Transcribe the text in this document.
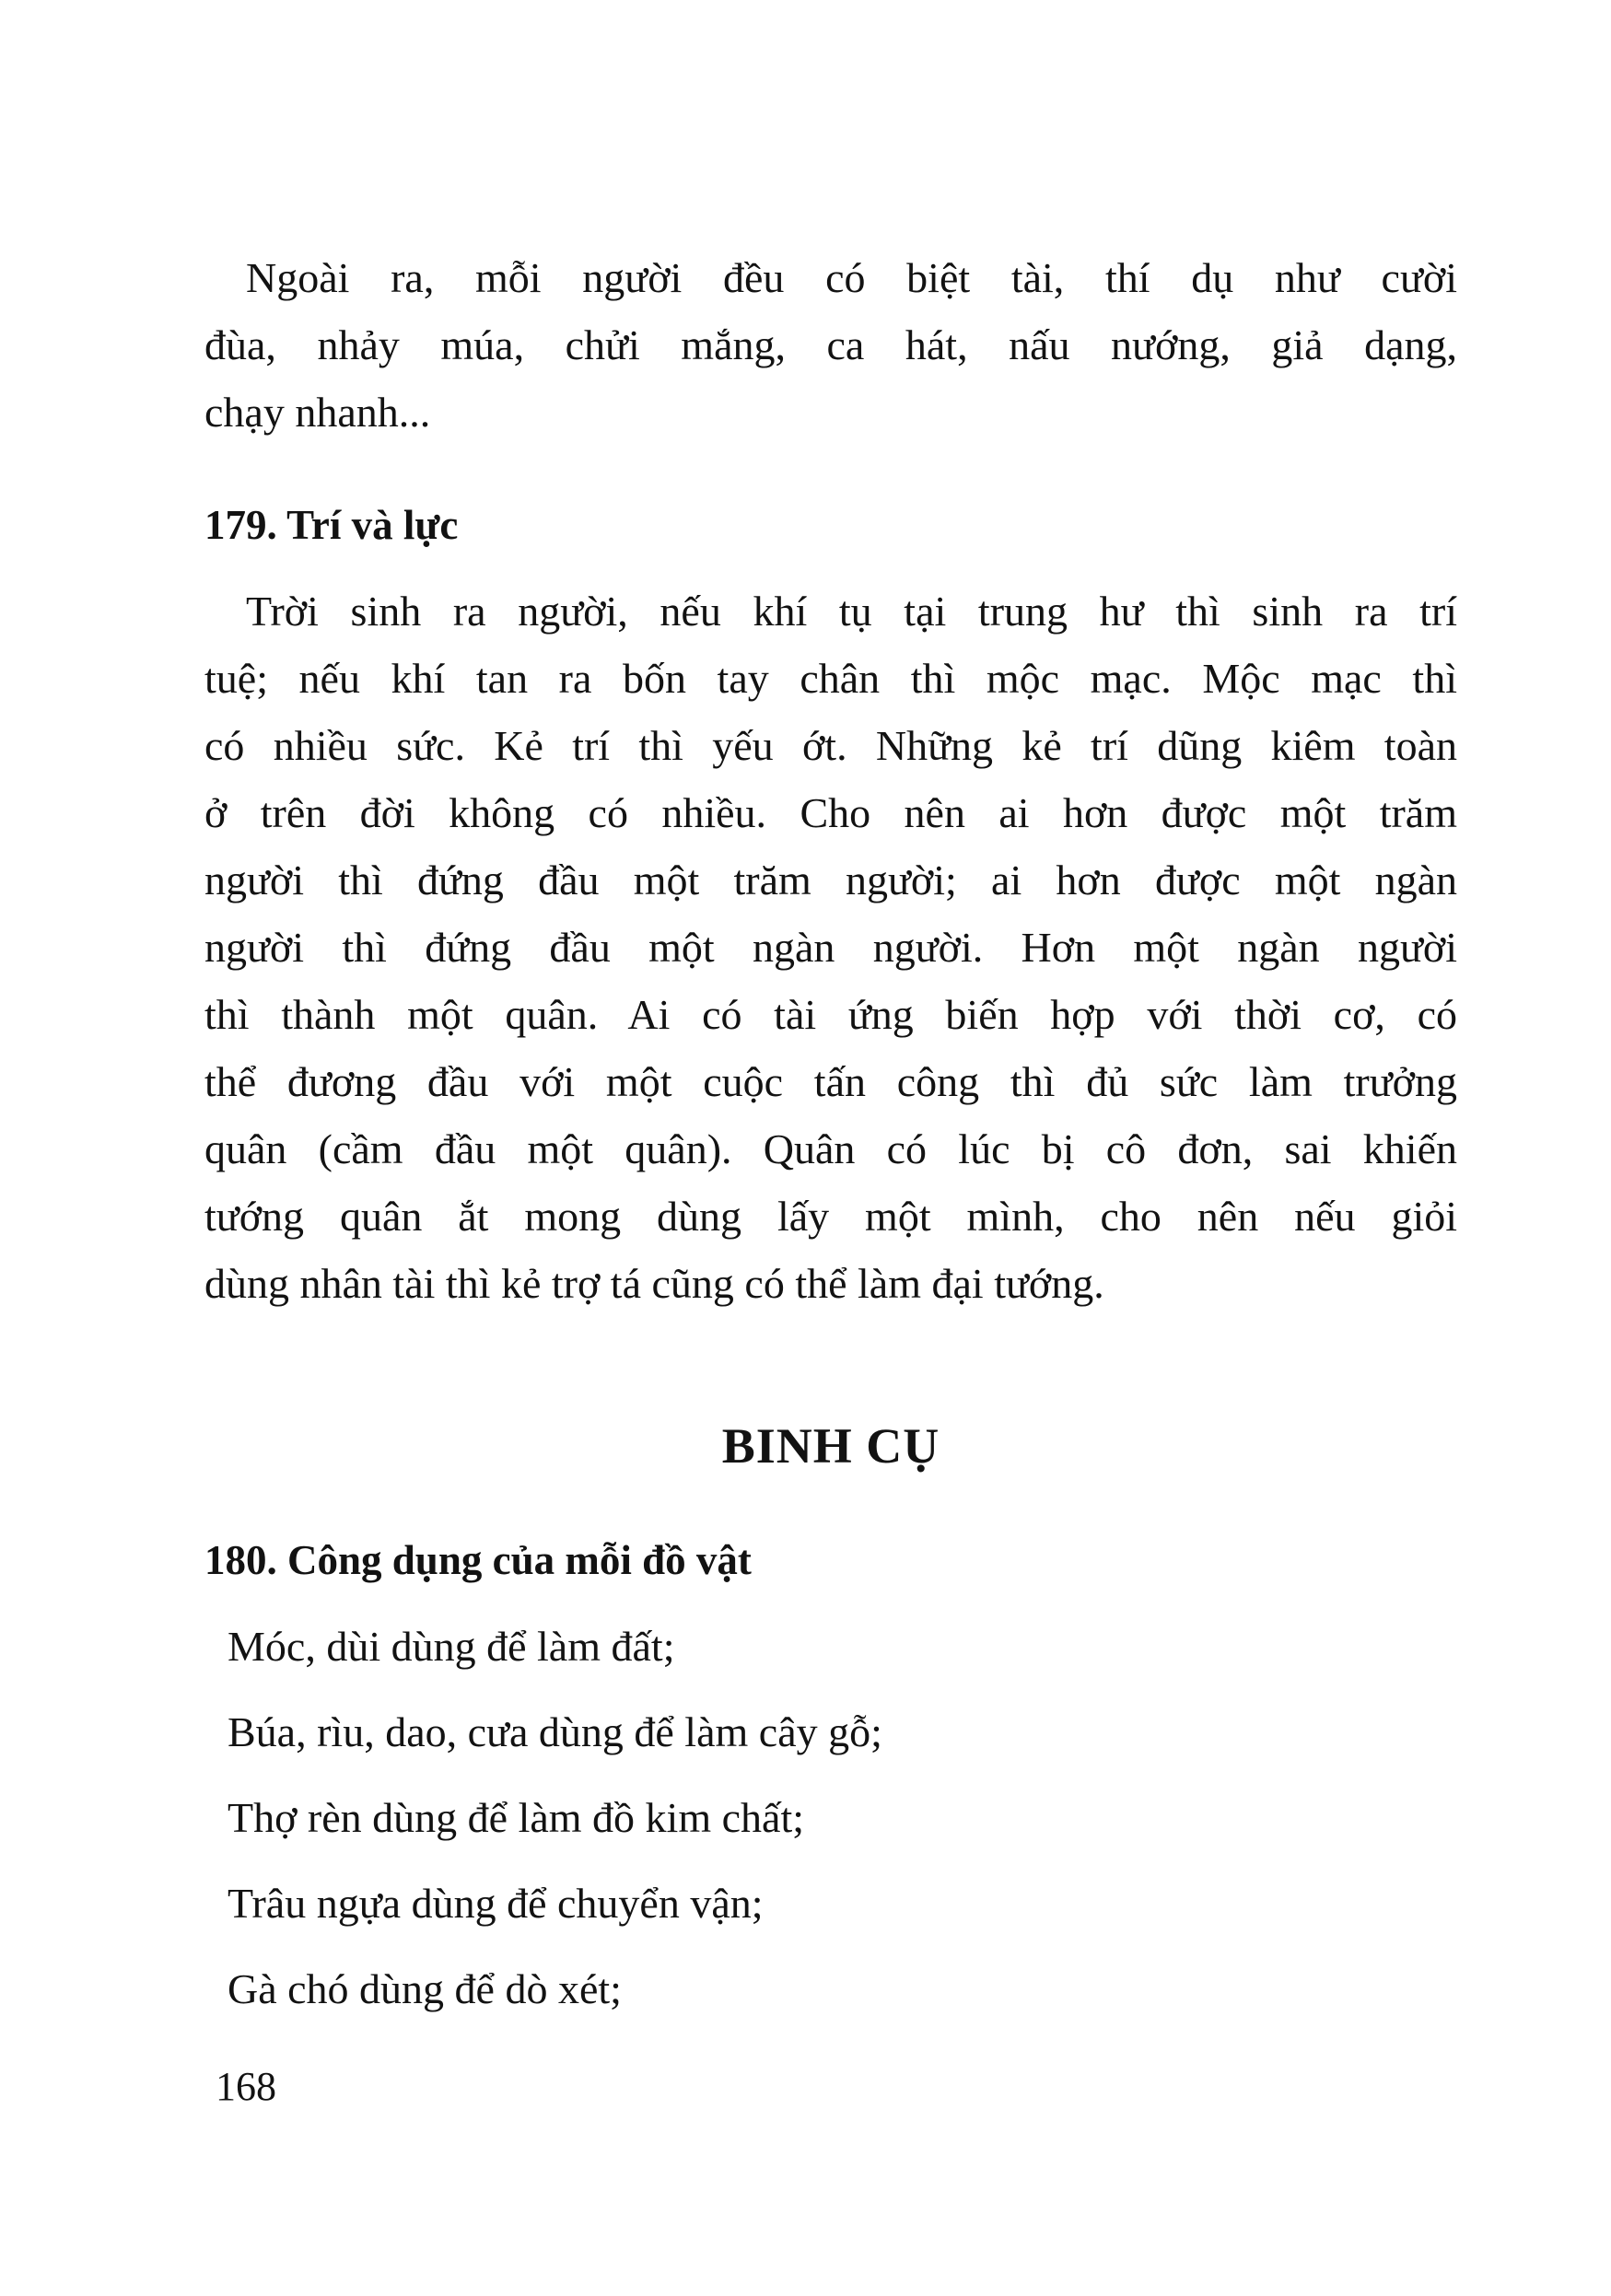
Ngoài ra, mỗi người đều có biệt tài, thí dụ như cười
đùa, nhảy múa, chửi mắng, ca hát, nấu nướng, giả dạng,
chạy nhanh...
179. Trí và lực
Trời sinh ra người, nếu khí tụ tại trung hư thì sinh ra trí
tuệ; nếu khí tan ra bốn tay chân thì mộc mạc. Mộc mạc thì
có nhiều sức. Kẻ trí thì yếu ớt. Những kẻ trí dũng kiêm toàn
ở trên đời không có nhiều. Cho nên ai hơn được một trăm
người thì đứng đầu một trăm người; ai hơn được một ngàn
người thì đứng đầu một ngàn người. Hơn một ngàn người
thì thành một quân. Ai có tài ứng biến hợp với thời cơ, có
thể đương đầu với một cuộc tấn công thì đủ sức làm trưởng
quân (cầm đầu một quân). Quân có lúc bị cô đơn, sai khiến
tướng quân ắt mong dùng lấy một mình, cho nên nếu giỏi
dùng nhân tài thì kẻ trợ tá cũng có thể làm đại tướng.
BINH CỤ
180. Công dụng của mỗi đồ vật
Móc, dùi dùng để làm đất;
Búa, rìu, dao, cưa dùng để làm cây gỗ;
Thợ rèn dùng để làm đồ kim chất;
Trâu ngựa dùng để chuyển vận;
Gà chó dùng để dò xét;
168
